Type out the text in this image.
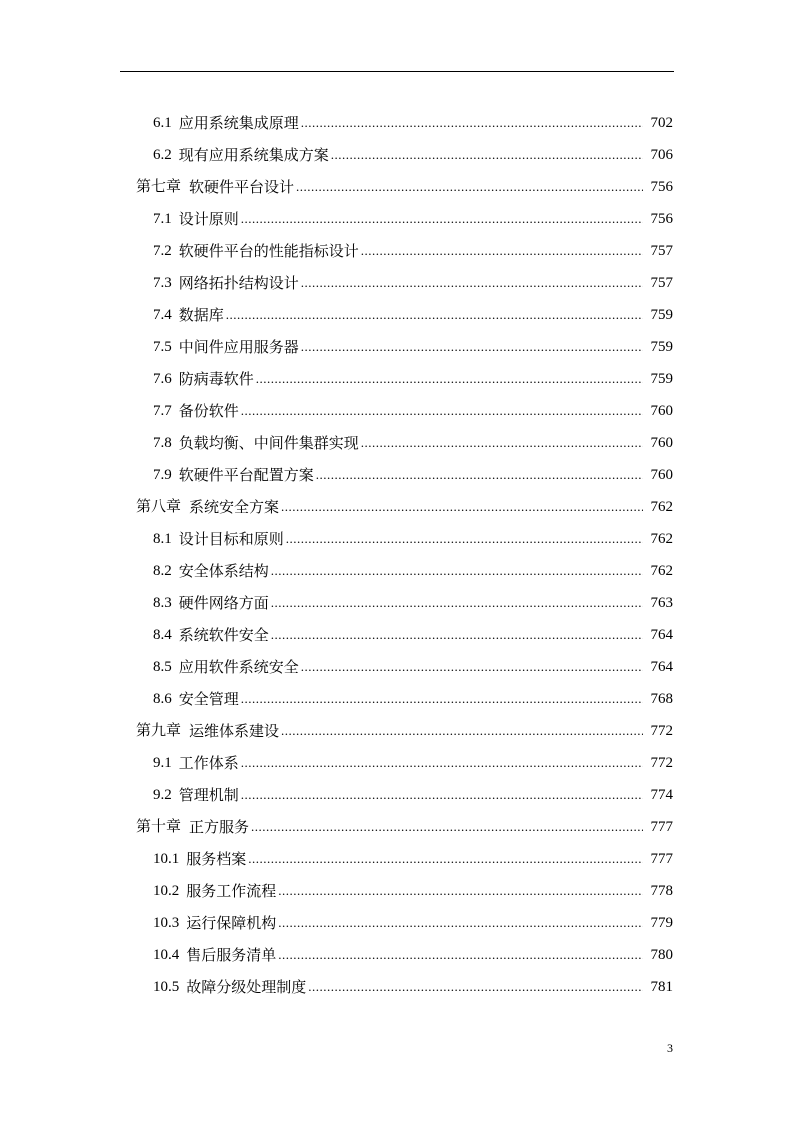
6.1 应用系统集成原理 .....	702
6.2 现有应用系统集成方案 .....	706
第七章 软硬件平台设计 .....	756
7.1 设计原则 .....	756
7.2 软硬件平台的性能指标设计 .....	757
7.3 网络拓扑结构设计 .....	757
7.4 数据库 .....	759
7.5 中间件应用服务器 .....	759
7.6 防病毒软件 .....	759
7.7 备份软件 .....	760
7.8 负载均衡、中间件集群实现 .....	760
7.9 软硬件平台配置方案 .....	760
第八章 系统安全方案 .....	762
8.1 设计目标和原则 .....	762
8.2 安全体系结构 .....	762
8.3 硬件网络方面 .....	763
8.4 系统软件安全 .....	764
8.5 应用软件系统安全 .....	764
8.6 安全管理 .....	768
第九章 运维体系建设 .....	772
9.1 工作体系 .....	772
9.2 管理机制 .....	774
第十章 正方服务 .....	777
10.1 服务档案 .....	777
10.2 服务工作流程 .....	778
10.3 运行保障机构 .....	779
10.4 售后服务清单 .....	780
10.5 故障分级处理制度 .....	781
3
